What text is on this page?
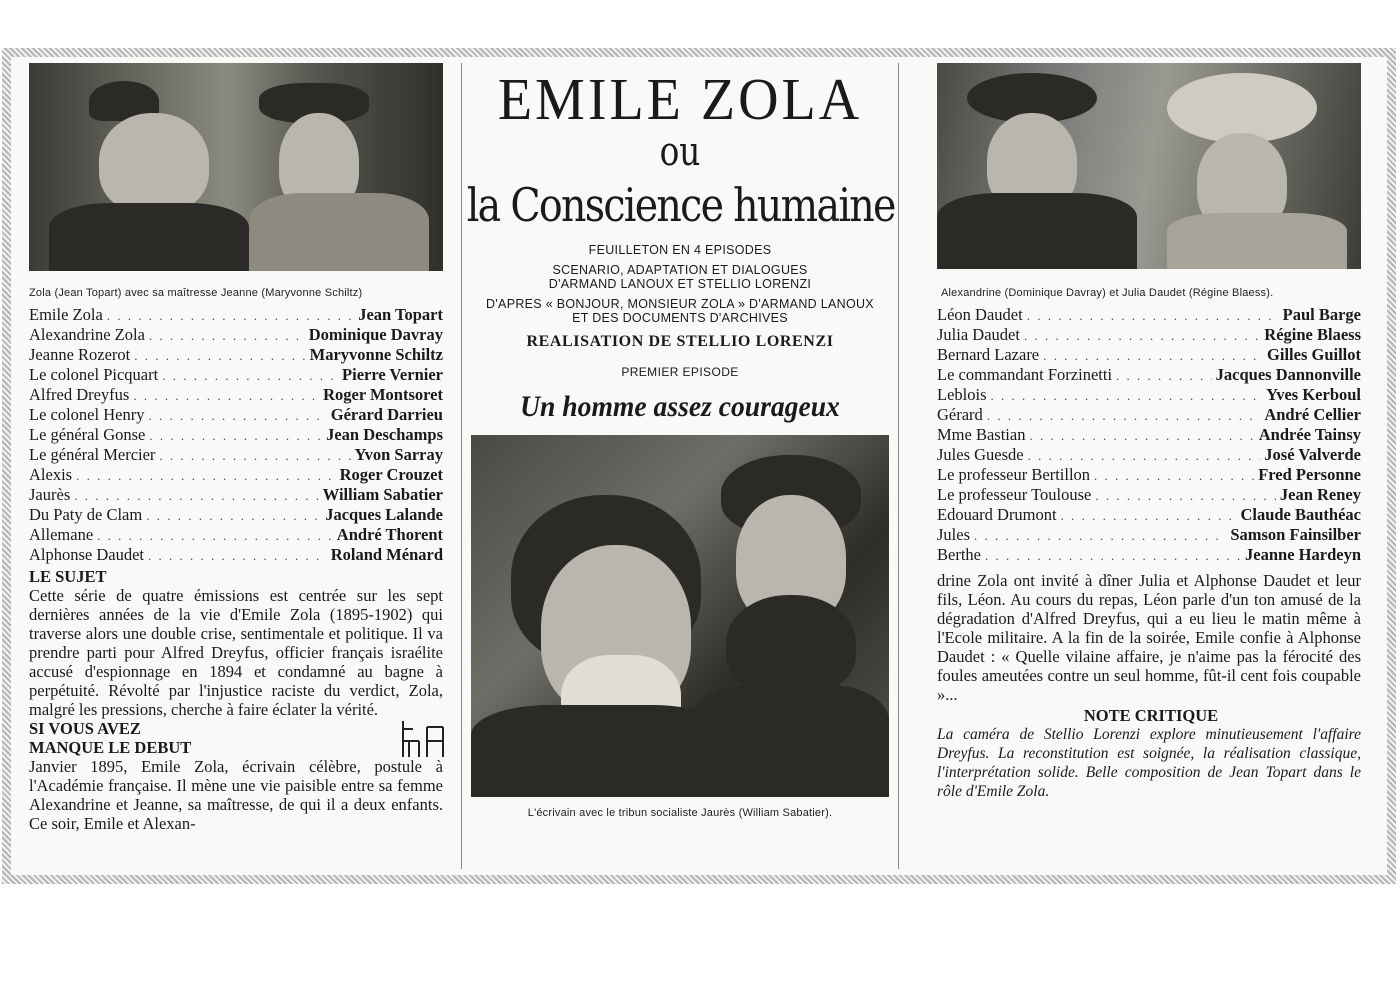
Zola (Jean Topart) avec sa maîtresse Jeanne (Maryvonne Schiltz)
Emile Zola . . .	Jean Topart
Alexandrine Zola . . .	Dominique Davray
Jeanne Rozerot . . .	Maryvonne Schiltz
Le colonel Picquart . . .	Pierre Vernier
Alfred Dreyfus . . .	Roger Montsoret
Le colonel Henry . . .	Gérard Darrieu
Le général Gonse . . .	Jean Deschamps
Le général Mercier . . .	Yvon Sarray
Alexis . . .	Roger Crouzet
Jaurès . . .	William Sabatier
Du Paty de Clam . . .	Jacques Lalande
Allemane . . .	André Thorent
Alphonse Daudet . . .	Roland Ménard
LE SUJET
Cette série de quatre émissions est centrée sur les sept dernières années de la vie d'Emile Zola (1895-1902) qui traverse alors une double crise, sentimentale et politique. Il va prendre parti pour Alfred Dreyfus, officier français israélite accusé d'espionnage en 1894 et condamné au bagne à perpétuité. Révolté par l'injustice raciste du verdict, Zola, malgré les pressions, cherche à faire éclater la vérité.
SI VOUS AVEZ
MANQUE LE DEBUT
Janvier 1895, Emile Zola, écrivain célèbre, postule à l'Académie française. Il mène une vie paisible entre sa femme Alexandrine et Jeanne, sa maîtresse, de qui il a deux enfants. Ce soir, Emile et Alexan-
EMILE ZOLA
ou
la Conscience humaine
FEUILLETON EN 4 EPISODES
SCENARIO, ADAPTATION ET DIALOGUES
D'ARMAND LANOUX ET STELLIO LORENZI
D'APRES « BONJOUR, MONSIEUR ZOLA » D'ARMAND LANOUX
ET DES DOCUMENTS D'ARCHIVES
REALISATION DE STELLIO LORENZI
PREMIER EPISODE
Un homme assez courageux
L'écrivain avec le tribun socialiste Jaurès (William Sabatier).
Alexandrine (Dominique Davray) et Julia Daudet (Régine Blaess).
Léon Daudet . . .	Paul Barge
Julia Daudet . . .	Régine Blaess
Bernard Lazare . . .	Gilles Guillot
Le commandant Forzinetti . . .	Jacques Dannonville
Leblois . . .	Yves Kerboul
Gérard . . .	André Cellier
Mme Bastian . . .	Andrée Tainsy
Jules Guesde . . .	José Valverde
Le professeur Bertillon . . .	Fred Personne
Le professeur Toulouse . . .	Jean Reney
Edouard Drumont . . .	Claude Bauthéac
Jules . . .	Samson Fainsilber
Berthe . . .	Jeanne Hardeyn
drine Zola ont invité à dîner Julia et Alphonse Daudet et leur fils, Léon. Au cours du repas, Léon parle d'un ton amusé de la dégradation d'Alfred Dreyfus, qui a eu lieu le matin même à l'Ecole militaire. A la fin de la soirée, Emile confie à Alphonse Daudet : « Quelle vilaine affaire, je n'aime pas la férocité des foules ameutées contre un seul homme, fût-il cent fois coupable »...
NOTE CRITIQUE
La caméra de Stellio Lorenzi explore minutieusement l'affaire Dreyfus. La reconstitution est soignée, la réalisation classique, l'interprétation solide. Belle composition de Jean Topart dans le rôle d'Emile Zola.
